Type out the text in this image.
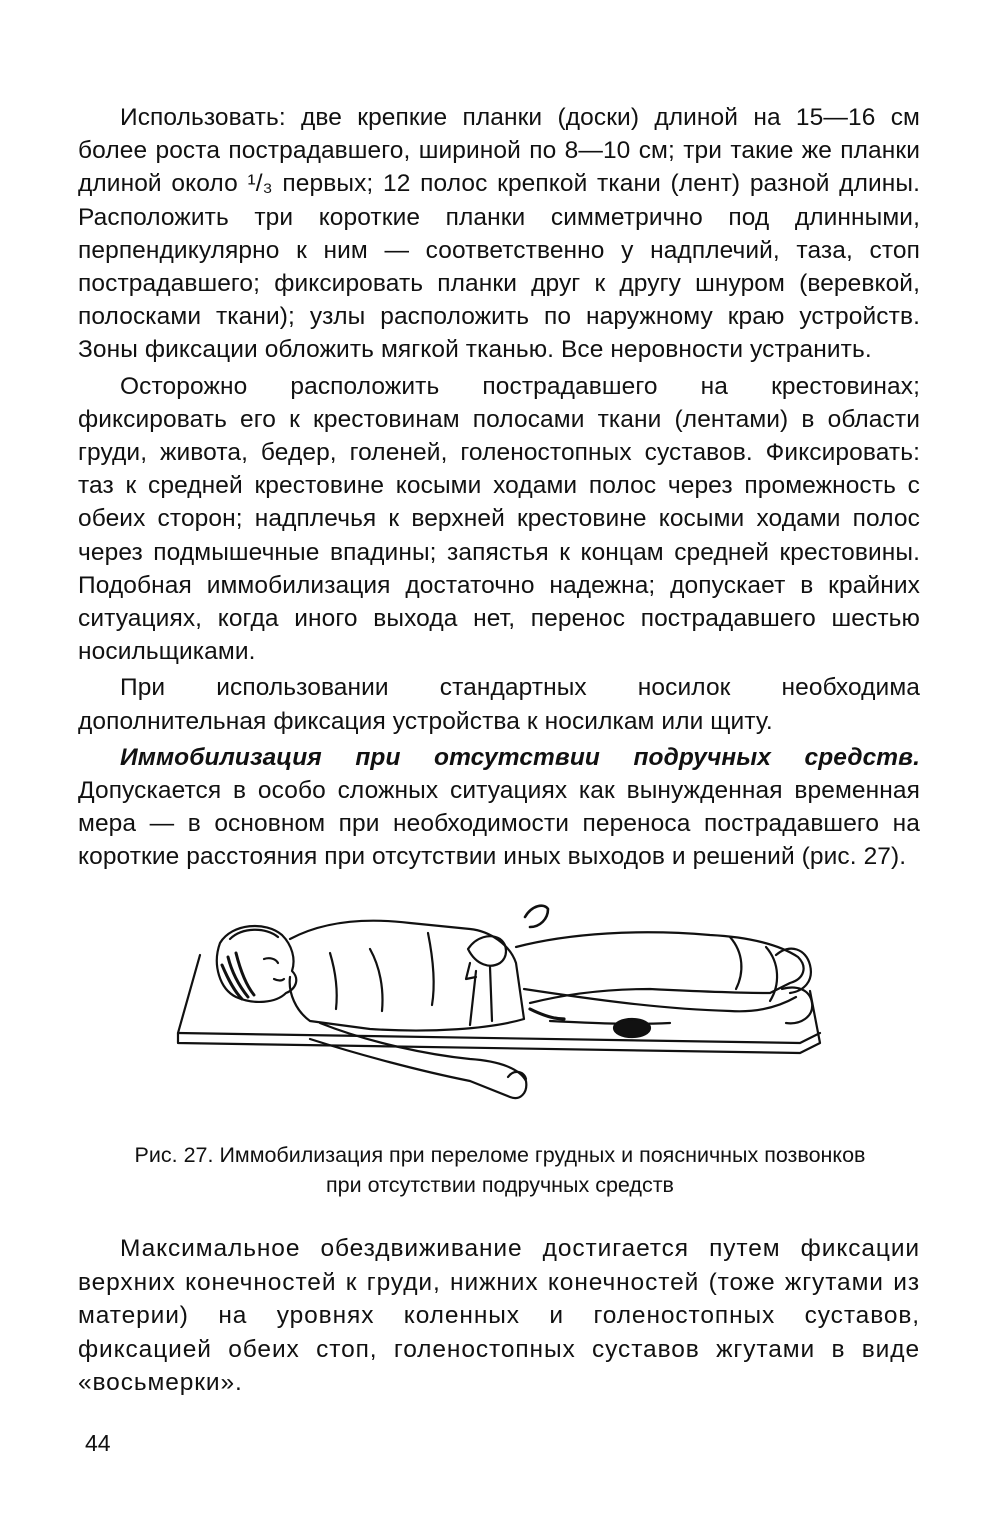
Использовать: две крепкие планки (доски) длиной на 15—16 см более роста пострадавшего, шириной по 8—10 см; три такие же планки длиной около ¹/₃ первых; 12 полос крепкой ткани (лент) разной длины. Расположить три короткие планки симметрично под длинными, перпендикулярно к ним — соответственно у надплечий, таза, стоп пострадавшего; фиксировать планки друг к другу шнуром (веревкой, полосками ткани); узлы расположить по наружному краю устройств. Зоны фиксации обложить мягкой тканью. Все неровности устранить.

Осторожно расположить пострадавшего на крестовинах; фиксировать его к крестовинам полосами ткани (лентами) в области груди, живота, бедер, голеней, голеностопных суставов. Фиксировать: таз к средней крестовине косыми ходами полос через промежность с обеих сторон; надплечья к верхней крестовине косыми ходами полос через подмышечные впадины; запястья к концам средней крестовины. Подобная иммобилизация достаточно надежна; допускает в крайних ситуациях, когда иного выхода нет, перенос пострадавшего шестью носильщиками.

При использовании стандартных носилок необходима дополнительная фиксация устройства к носилкам или щиту.

Иммобилизация при отсутствии подручных средств. Допускается в особо сложных ситуациях как вынужденная временная мера — в основном при необходимости переноса пострадавшего на короткие расстояния при отсутствии иных выходов и решений (рис. 27).

Рис. 27. Иммобилизация при переломе грудных и поясничных позвонков
при отсутствии подручных средств

Максимальное обездвиживание достигается путем фиксации верхних конечностей к груди, нижних конечностей (тоже жгутами из материи) на уровнях коленных и голеностопных суставов, фиксацией обеих стоп, голеностопных суставов жгутами в виде «восьмерки».

44
